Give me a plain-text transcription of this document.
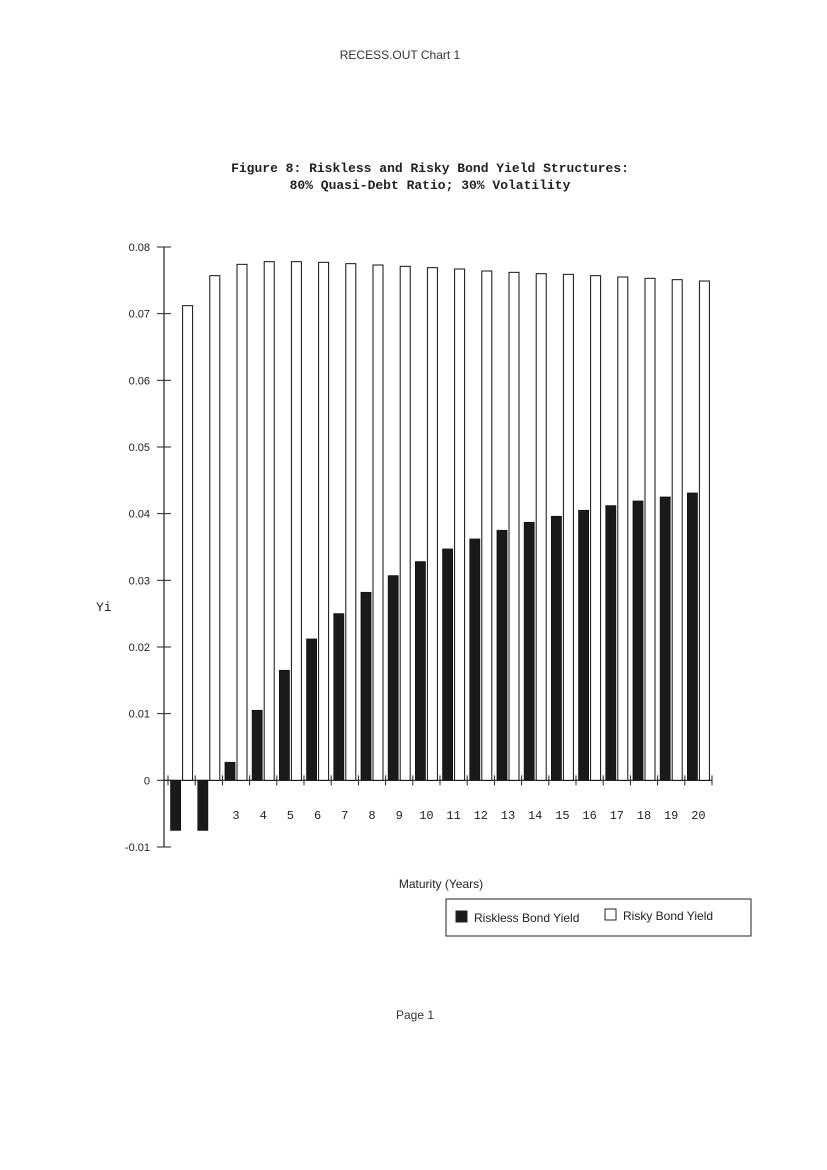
RECESS.OUT Chart 1
Figure 8: Riskless and Risky Bond Yield Structures:
80% Quasi-Debt Ratio; 30% Volatility
0.08
0.07
0.06
0.05
0.04
0.03
0.02
0.01
0
-0.01
3 4 5 6 7 8 9 10 11 12 13 14 15 16 17 18 19 20
Yi
Maturity (Years)
Riskless Bond Yield	Risky Bond Yield
Page 1
